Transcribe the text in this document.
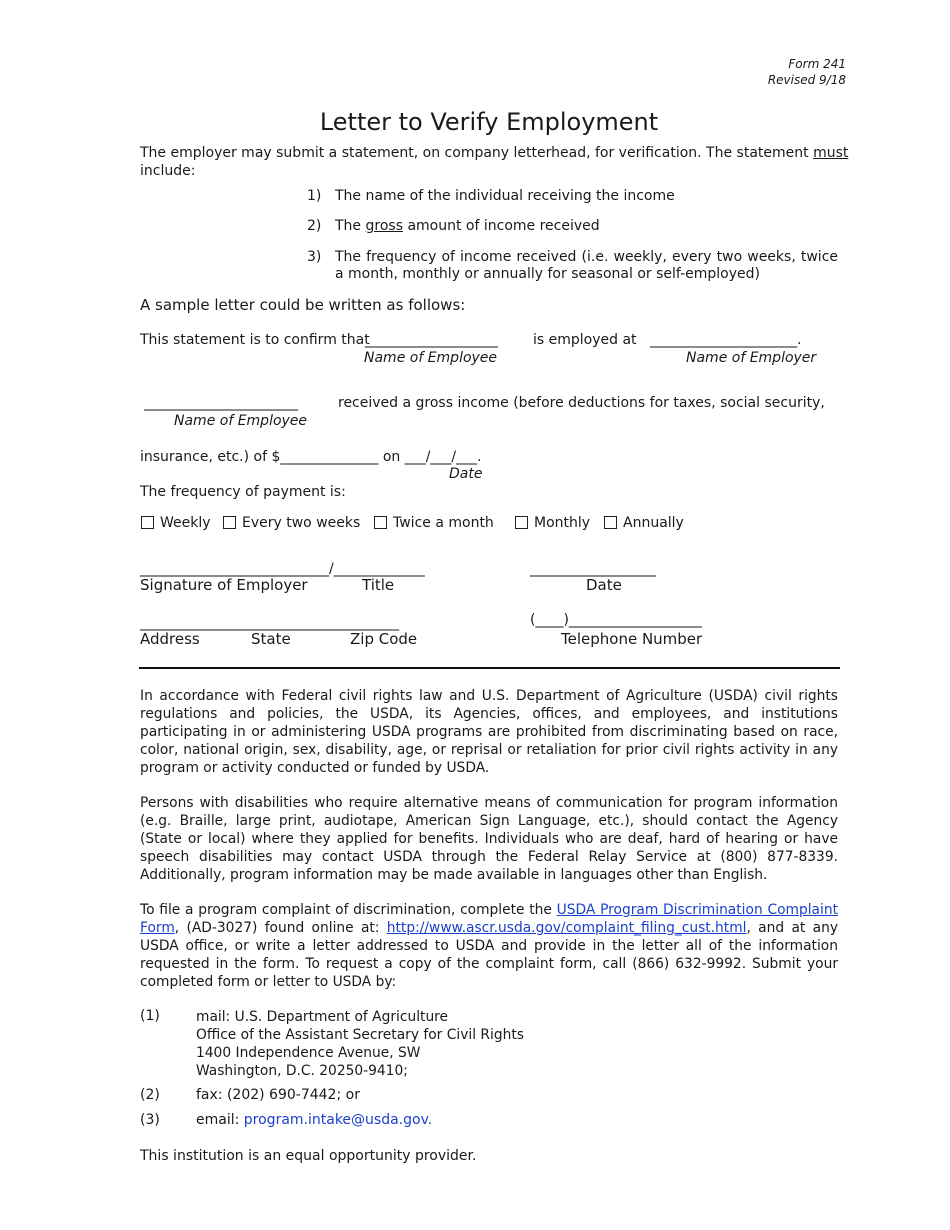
Form 241
Revised 9/18
Letter to Verify Employment
The employer may submit a statement, on company letterhead, for verification. The statement must
include:
1) The name of the individual receiving the income
2) The gross amount of income received
3) The frequency of income received (i.e. weekly, every two weeks, twice a month, monthly or annually for seasonal or self-employed)
A sample letter could be written as follows:
This statement is to confirm that
___________________	is employed at _____________________.
Name of Employee	Name of Employer
______________________	received a gross income (before deductions for taxes, social security,
Name of Employee
insurance, etc.) of $______________ on ___/___/___.
Date
The frequency of payment is:
Weekly	Every two weeks	Twice a month	Monthly	Annually
___________________________/_____________	__________________
Signature of Employer	Title	Date
_____________________________________	(____)___________________
Address	State	Zip Code	Telephone Number
In accordance with Federal civil rights law and U.S. Department of Agriculture (USDA) civil rights regulations and policies, the USDA, its Agencies, offices, and employees, and institutions participating in or administering USDA programs are prohibited from discriminating based on race, color, national origin, sex, disability, age, or reprisal or retaliation for prior civil rights activity in any program or activity conducted or funded by USDA.
Persons with disabilities who require alternative means of communication for program information (e.g. Braille, large print, audiotape, American Sign Language, etc.), should contact the Agency (State or local) where they applied for benefits. Individuals who are deaf, hard of hearing or have speech disabilities may contact USDA through the Federal Relay Service at (800) 877-8339. Additionally, program information may be made available in languages other than English.
To file a program complaint of discrimination, complete the USDA Program Discrimination Complaint Form, (AD-3027) found online at: http://www.ascr.usda.gov/complaint_filing_cust.html, and at any USDA office, or write a letter addressed to USDA and provide in the letter all of the information requested in the form. To request a copy of the complaint form, call (866) 632-9992. Submit your completed form or letter to USDA by:
(1)	mail: U.S. Department of Agriculture
Office of the Assistant Secretary for Civil Rights
1400 Independence Avenue, SW
Washington, D.C. 20250-9410;
(2)	fax: (202) 690-7442; or
(3)	email: program.intake@usda.gov.
This institution is an equal opportunity provider.
